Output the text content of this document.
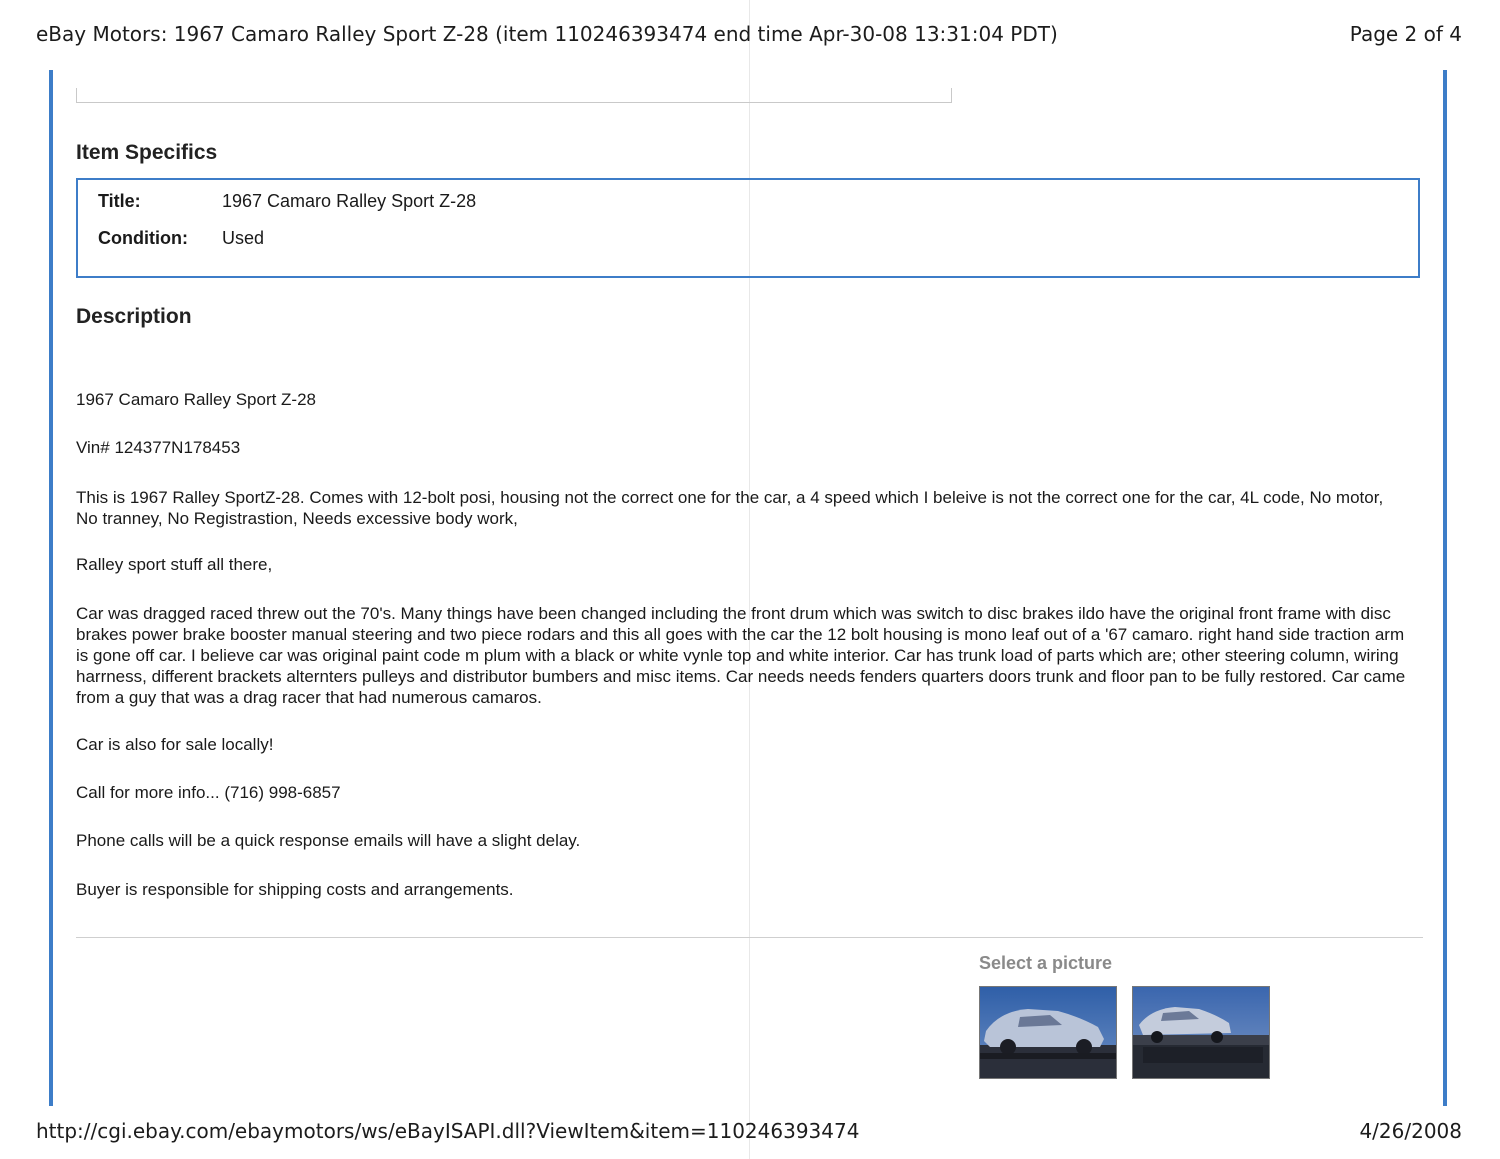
eBay Motors: 1967 Camaro Ralley Sport Z-28 (item 110246393474 end time Apr-30-08 13:31:04 PDT)	Page 2 of 4
Item Specifics
Title:	1967 Camaro Ralley Sport Z-28
Condition:	Used
Description

1967 Camaro Ralley Sport Z-28

Vin# 124377N178453

This is 1967 Ralley SportZ-28. Comes with 12-bolt posi, housing not the correct one for the car, a 4 speed which I beleive is not the correct one for the car, 4L code, No motor, No tranney, No Registrastion, Needs excessive body work,

Ralley sport stuff all there,

Car was dragged raced threw out the 70's. Many things have been changed including the front drum which was switch to disc brakes ildo have the original front frame with disc brakes power brake booster manual steering and two piece rodars and this all goes with the car the 12 bolt housing is mono leaf out of a '67 camaro. right hand side traction arm is gone off car. I believe car was original paint code m plum with a black or white vynle top and white interior. Car has trunk load of parts which are; other steering column, wiring harrness, different brackets alternters pulleys and distributor bumbers and misc items. Car needs needs fenders quarters doors trunk and floor pan to be fully restored. Car came from a guy that was a drag racer that had numerous camaros.

Car is also for sale locally!

Call for more info... (716) 998-6857

Phone calls will be a quick response emails will have a slight delay.

Buyer is responsible for shipping costs and arrangements.

Select a picture
http://cgi.ebay.com/ebaymotors/ws/eBayISAPI.dll?ViewItem&item=110246393474	4/26/2008
